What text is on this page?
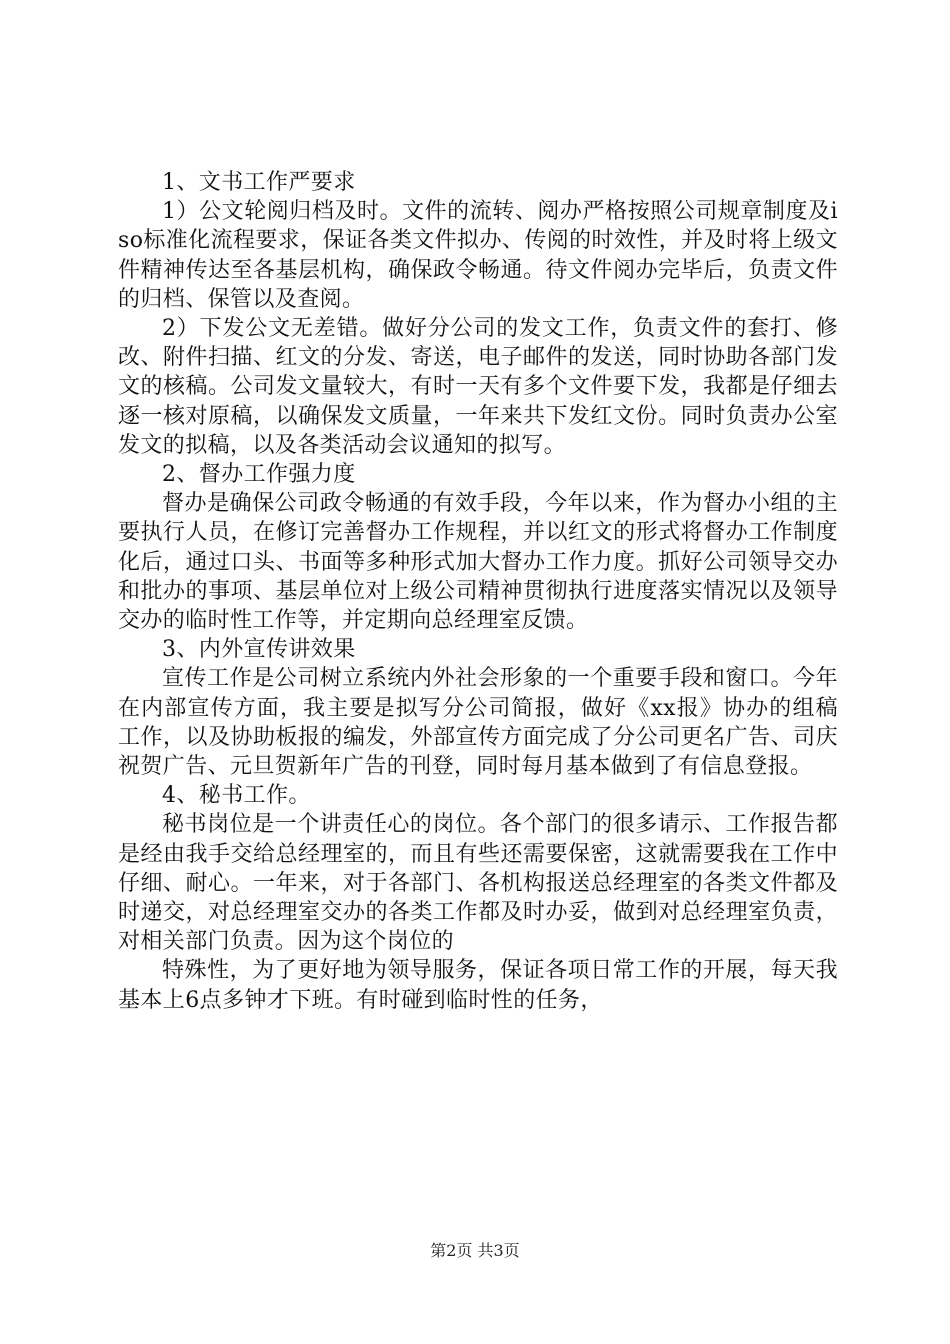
1、文书工作严要求

1）公文轮阅归档及时。文件的流转、阅办严格按照公司规章制度及iso标准化流程要求，保证各类文件拟办、传阅的时效性，并及时将上级文件精神传达至各基层机构，确保政令畅通。待文件阅办完毕后，负责文件的归档、保管以及查阅。

2）下发公文无差错。做好分公司的发文工作，负责文件的套打、修改、附件扫描、红文的分发、寄送，电子邮件的发送，同时协助各部门发文的核稿。公司发文量较大，有时一天有多个文件要下发，我都是仔细去逐一核对原稿，以确保发文质量，一年来共下发红文份。同时负责办公室发文的拟稿，以及各类活动会议通知的拟写。

2、督办工作强力度

督办是确保公司政令畅通的有效手段，今年以来，作为督办小组的主要执行人员，在修订完善督办工作规程，并以红文的形式将督办工作制度化后，通过口头、书面等多种形式加大督办工作力度。抓好公司领导交办和批办的事项、基层单位对上级公司精神贯彻执行进度落实情况以及领导交办的临时性工作等，并定期向总经理室反馈。

3、内外宣传讲效果

宣传工作是公司树立系统内外社会形象的一个重要手段和窗口。今年在内部宣传方面，我主要是拟写分公司简报，做好《xx报》协办的组稿工作，以及协助板报的编发，外部宣传方面完成了分公司更名广告、司庆祝贺广告、元旦贺新年广告的刊登，同时每月基本做到了有信息登报。

4、秘书工作。

秘书岗位是一个讲责任心的岗位。各个部门的很多请示、工作报告都是经由我手交给总经理室的，而且有些还需要保密，这就需要我在工作中仔细、耐心。一年来，对于各部门、各机构报送总经理室的各类文件都及时递交，对总经理室交办的各类工作都及时办妥，做到对总经理室负责，对相关部门负责。因为这个岗位的

特殊性，为了更好地为领导服务，保证各项日常工作的开展，每天我基本上6点多钟才下班。有时碰到临时性的任务，

第2页 共3页
